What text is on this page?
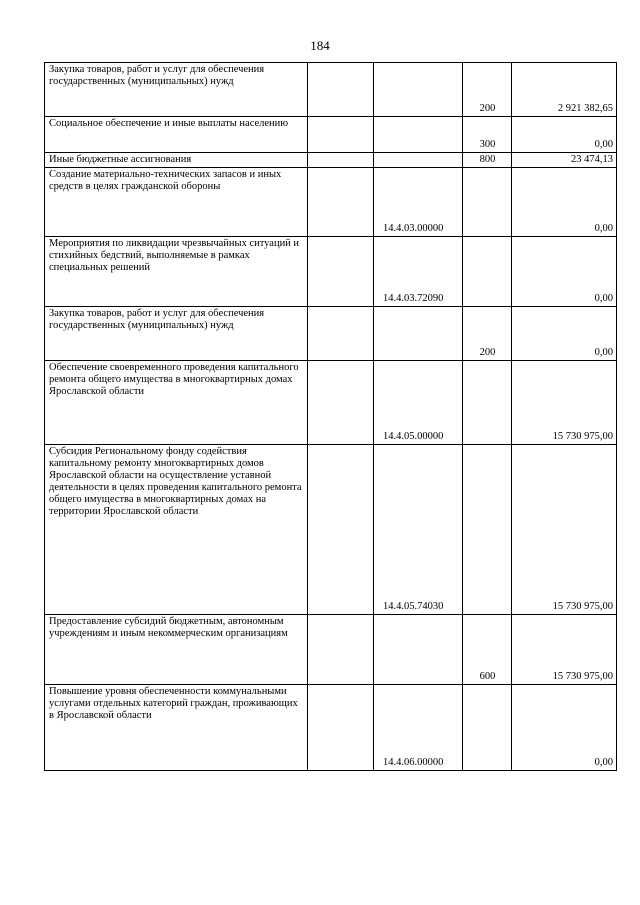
184
Закупка товаров, работ и услуг для обеспечения государственных (муниципальных) нужд			200	2 921 382,65
Социальное обеспечение и иные выплаты населению			300	0,00
Иные бюджетные ассигнования			800	23 474,13
Создание материально-технических запасов и иных средств в целях гражданской обороны		14.4.03.00000		0,00
Мероприятия по ликвидации чрезвычайных ситуаций и стихийных бедствий, выполняемые в рамках специальных решений		14.4.03.72090		0,00
Закупка товаров, работ и услуг для обеспечения государственных (муниципальных) нужд			200	0,00
Обеспечение своевременного проведения капитального ремонта общего имущества в многоквартирных домах Ярославской области		14.4.05.00000		15 730 975,00
Субсидия Региональному фонду содействия капитальному ремонту многоквартирных домов Ярославской области на осуществление уставной деятельности в целях проведения капитального ремонта общего имущества в многоквартирных домах на территории Ярославской области		14.4.05.74030		15 730 975,00
Предоставление субсидий бюджетным, автономным учреждениям и иным некоммерческим организациям			600	15 730 975,00
Повышение уровня обеспеченности коммунальными услугами отдельных категорий граждан, проживающих в Ярославской области		14.4.06.00000		0,00
